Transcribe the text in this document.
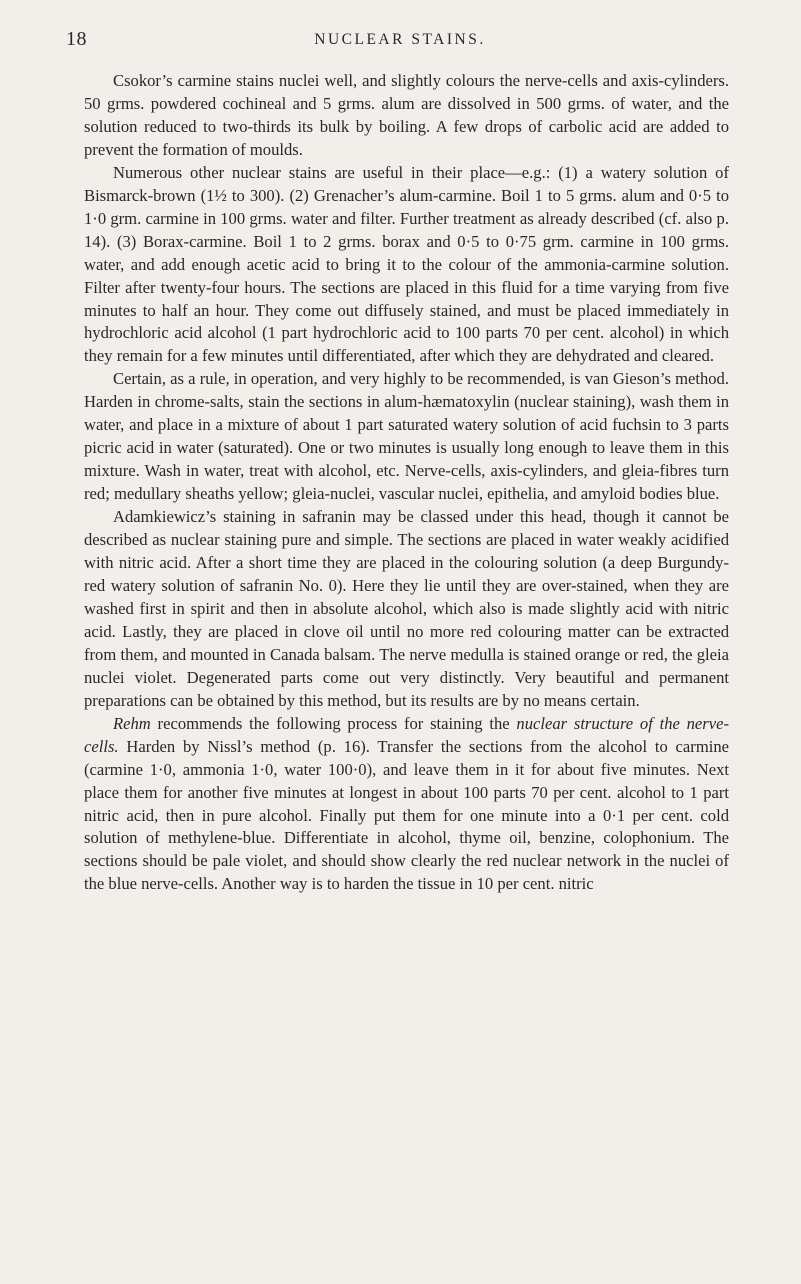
18	NUCLEAR STAINS.

Csokor’s carmine stains nuclei well, and slightly colours the nerve-cells and axis-cylinders. 50 grms. powdered cochineal and 5 grms. alum are dissolved in 500 grms. of water, and the solution reduced to two-thirds its bulk by boiling. A few drops of carbolic acid are added to prevent the formation of moulds.

Numerous other nuclear stains are useful in their place—e.g.: (1) a watery solution of Bismarck-brown (1½ to 300). (2) Grenacher’s alum-carmine. Boil 1 to 5 grms. alum and 0·5 to 1·0 grm. carmine in 100 grms. water and filter. Further treatment as already described (cf. also p. 14). (3) Borax-carmine. Boil 1 to 2 grms. borax and 0·5 to 0·75 grm. carmine in 100 grms. water, and add enough acetic acid to bring it to the colour of the ammonia-carmine solution. Filter after twenty-four hours. The sections are placed in this fluid for a time varying from five minutes to half an hour. They come out diffusely stained, and must be placed immediately in hydrochloric acid alcohol (1 part hydrochloric acid to 100 parts 70 per cent. alcohol) in which they remain for a few minutes until differentiated, after which they are dehydrated and cleared.

Certain, as a rule, in operation, and very highly to be recommended, is van Gieson’s method. Harden in chrome-salts, stain the sections in alum-hæmatoxylin (nuclear staining), wash them in water, and place in a mixture of about 1 part saturated watery solution of acid fuchsin to 3 parts picric acid in water (saturated). One or two minutes is usually long enough to leave them in this mixture. Wash in water, treat with alcohol, etc. Nerve-cells, axis-cylinders, and gleia-fibres turn red; medullary sheaths yellow; gleia-nuclei, vascular nuclei, epithelia, and amyloid bodies blue.

Adamkiewicz’s staining in safranin may be classed under this head, though it cannot be described as nuclear staining pure and simple. The sections are placed in water weakly acidified with nitric acid. After a short time they are placed in the colouring solution (a deep Burgundy-red watery solution of safranin No. 0). Here they lie until they are over-stained, when they are washed first in spirit and then in absolute alcohol, which also is made slightly acid with nitric acid. Lastly, they are placed in clove oil until no more red colouring matter can be extracted from them, and mounted in Canada balsam. The nerve medulla is stained orange or red, the gleia nuclei violet. Degenerated parts come out very distinctly. Very beautiful and permanent preparations can be obtained by this method, but its results are by no means certain.

Rehm recommends the following process for staining the nuclear structure of the nerve-cells. Harden by Nissl’s method (p. 16). Transfer the sections from the alcohol to carmine (carmine 1·0, ammonia 1·0, water 100·0), and leave them in it for about five minutes. Next place them for another five minutes at longest in about 100 parts 70 per cent. alcohol to 1 part nitric acid, then in pure alcohol. Finally put them for one minute into a 0·1 per cent. cold solution of methylene-blue. Differentiate in alcohol, thyme oil, benzine, colophonium. The sections should be pale violet, and should show clearly the red nuclear network in the nuclei of the blue nerve-cells. Another way is to harden the tissue in 10 per cent. nitric
